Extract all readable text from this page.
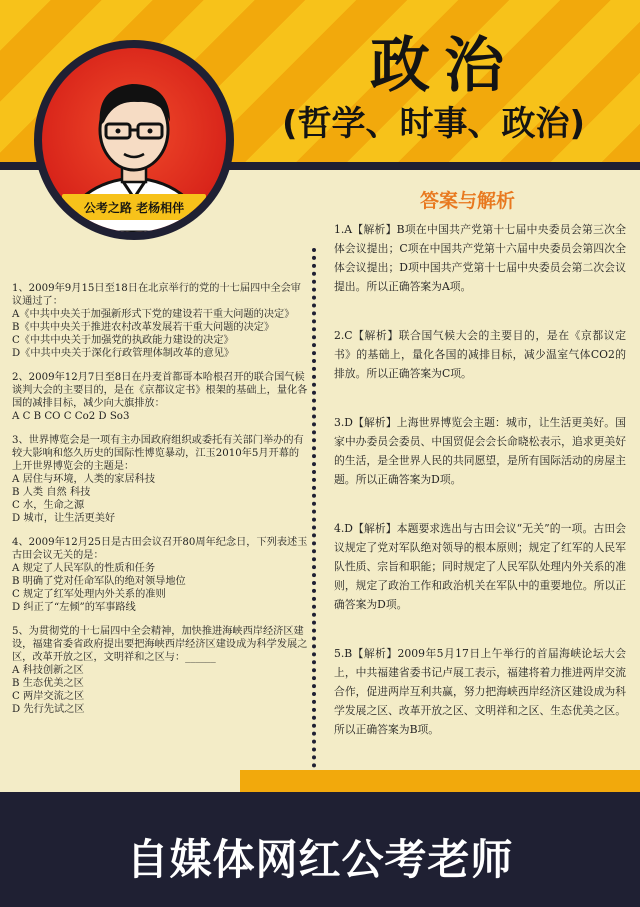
政治
(哲学、时事、政治)
公考之路 老杨相伴
1、2009年9月15日至18日在北京举行的党的十七届四中全会审议通过了：
A《中共中央关于加强新形式下党的建设若干重大问题的决定》
B《中共中央关于推进农村改革发展若干重大问题的决定》
C《中共中央关于加强党的执政能力建设的决定》
D《中共中央关于深化行政管理体制改革的意见》
2、2009年12月7日至8日在丹麦首都哥本哈根召开的联合国气候谈判大会的主要目的，是在《京都议定书》根架的基础上，量化各国的减排目标，减少向大旗排放：
A C B CO C Co2 D So3
3、世界博览会是一项有主办国政府组织或委托有关部门举办的有较大影响和悠久历史的国际性博览暴动，江玉2010年5月开幕的上开世界博览会的主题是：
A 居住与环境，人类的家居科技
B 人类 自然 科技
C 水，生命之源
D 城市，让生活更美好
4、2009年12月25日是古田会议召开80周年纪念日，下列表述玉古田会议无关的是：
A 规定了人民军队的性质和任务
B 明确了党对任命军队的绝对领导地位
C 规定了红军处理内外关系的准则
D 纠正了“左倾”的军事路线
5、为贯彻党的十七届四中全会精神，加快推进海峡西岸经济区建设，福建省委省政府提出要把海峡西岸经济区建设成为科学发展之区，改革开放之区，文明祥和之区与：______
A 科技创新之区
B 生态优美之区
C 两岸交流之区
D 先行先试之区
答案与解析
1.A【解析】B项在中国共产党第十七届中央委员会第三次全体会议提出；C项在中国共产党第十六届中央委员会第四次全体会议提出；D项中国共产党第十七届中央委员会第二次会议提出。所以正确答案为A项。
2.C【解析】联合国气候大会的主要目的，是在《京都议定书》的基础上，量化各国的减排目标，减少温室气体CO2的排放。所以正确答案为C项。
3.D【解析】上海世界博览会主题：城市，让生活更美好。国家中办委员会委员、中国贸促会会长命晓松表示，追求更美好的生活，是全世界人民的共同愿望，是所有国际活动的房屋主题。所以正确答案为D项。
4.D【解析】本题要求选出与古田会议“无关”的一项。古田会议规定了党对军队绝对领导的根本原则；规定了红军的人民军队性质、宗旨和职能；同时规定了人民军队处理内外关系的准则，规定了政治工作和政治机关在军队中的重要地位。所以正确答案为D项。
5.B【解析】2009年5月17日上午举行的首届海峡论坛大会上，中共福建省委书记卢展工表示，福建将着力推进两岸交流合作，促进两岸互利共赢，努力把海峡西岸经济区建设成为科学发展之区、改革开放之区、文明祥和之区、生态优美之区。所以正确答案为B项。
自媒体网红公考老师
